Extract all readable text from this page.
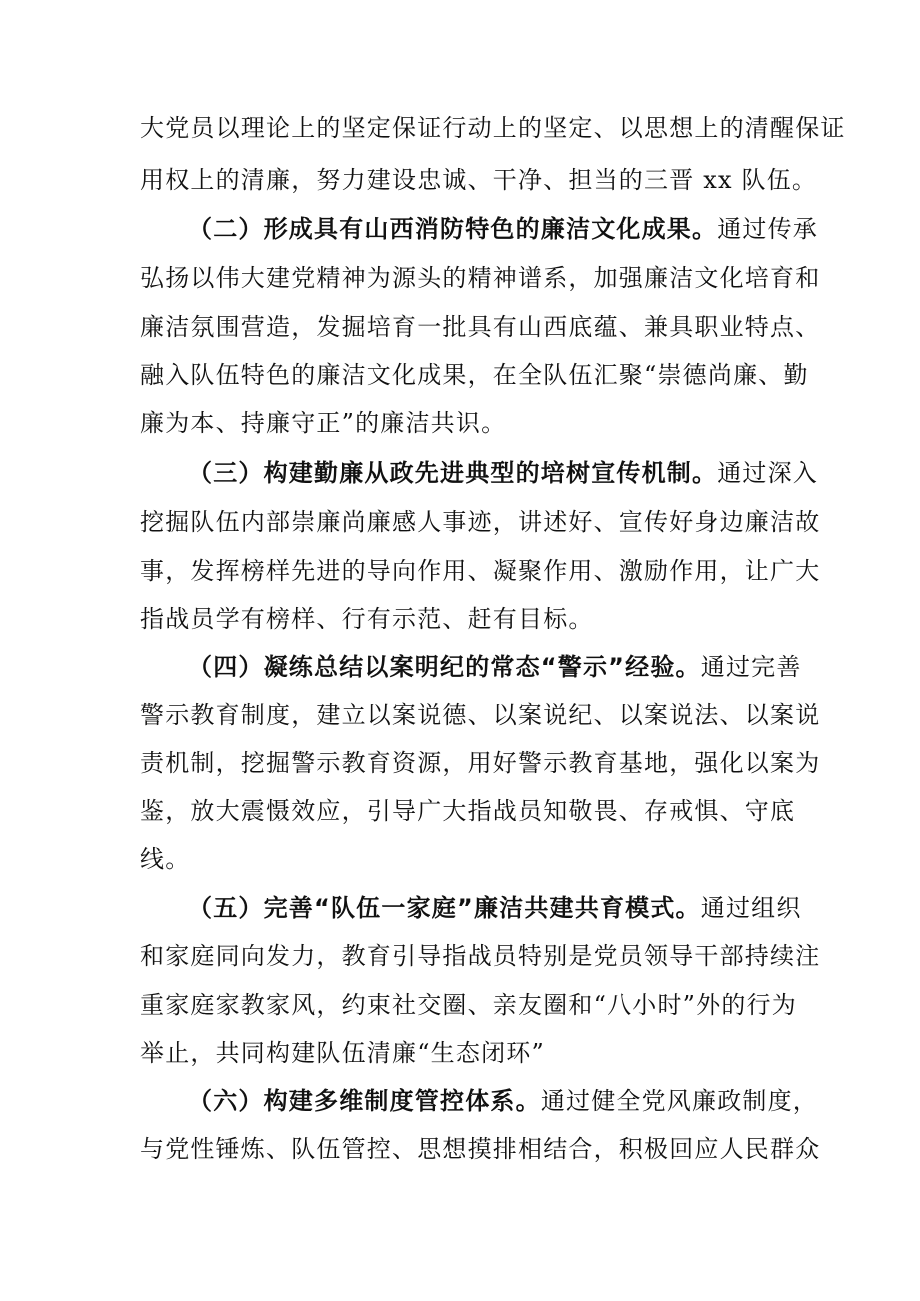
大党员以理论上的坚定保证行动上的坚定、以思想上的清醒保证
用权上的清廉，努力建设忠诚、干净、担当的三晋 xx 队伍。
（二）形成具有山西消防特色的廉洁文化成果。通过传承
弘扬以伟大建党精神为源头的精神谱系，加强廉洁文化培育和
廉洁氛围营造，发掘培育一批具有山西底蕴、兼具职业特点、
融入队伍特色的廉洁文化成果，在全队伍汇聚“崇德尚廉、勤
廉为本、持廉守正”的廉洁共识。
（三）构建勤廉从政先进典型的培树宣传机制。通过深入
挖掘队伍内部崇廉尚廉感人事迹，讲述好、宣传好身边廉洁故
事，发挥榜样先进的导向作用、凝聚作用、激励作用，让广大
指战员学有榜样、行有示范、赶有目标。
（四）凝练总结以案明纪的常态“警示”经验。通过完善
警示教育制度，建立以案说德、以案说纪、以案说法、以案说
责机制，挖掘警示教育资源，用好警示教育基地，强化以案为
鉴，放大震慑效应，引导广大指战员知敬畏、存戒惧、守底
线。
（五）完善“队伍一家庭”廉洁共建共育模式。通过组织
和家庭同向发力，教育引导指战员特别是党员领导干部持续注
重家庭家教家风，约束社交圈、亲友圈和“八小时”外的行为
举止，共同构建队伍清廉“生态闭环”
（六）构建多维制度管控体系。通过健全党风廉政制度，
与党性锤炼、队伍管控、思想摸排相结合，积极回应人民群众
